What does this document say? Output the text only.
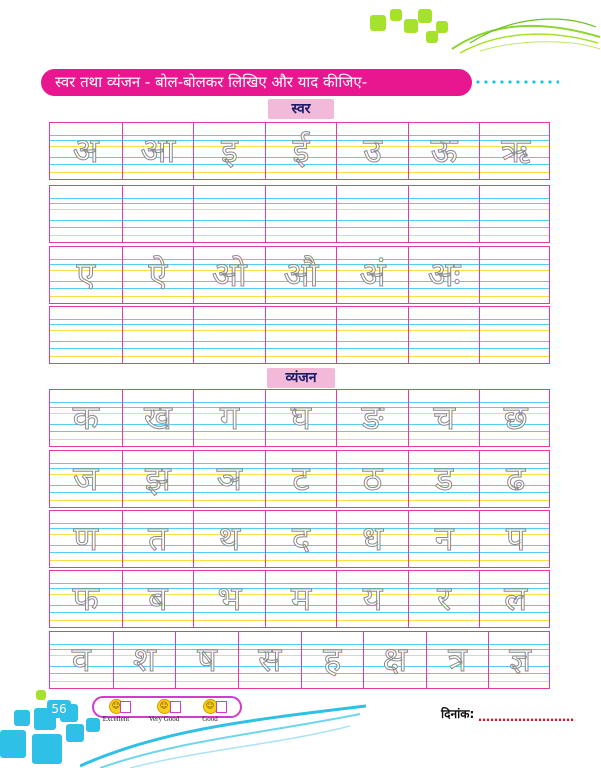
स्वर तथा व्यंजन - बोल-बोलकर लिखिए और याद कीजिए-
स्वर
व्यंजन
अ	आ	इ	ई	उ	ऊ	ऋ
ए	ऐ	ओ	औ	अं	अः
क	ख	ग	घ	ङ	च	छ
ज	झ	ञ	ट	ठ	ड	ढ
ण	त	थ	द	ध	न	प
फ	ब	भ	म	य	र	ल
व	श	ष	स	ह	क्ष	त्र	ज्ञ
56	☺
Excellent
☺
Very Good
☺
Good	दिनांक: ……………………
